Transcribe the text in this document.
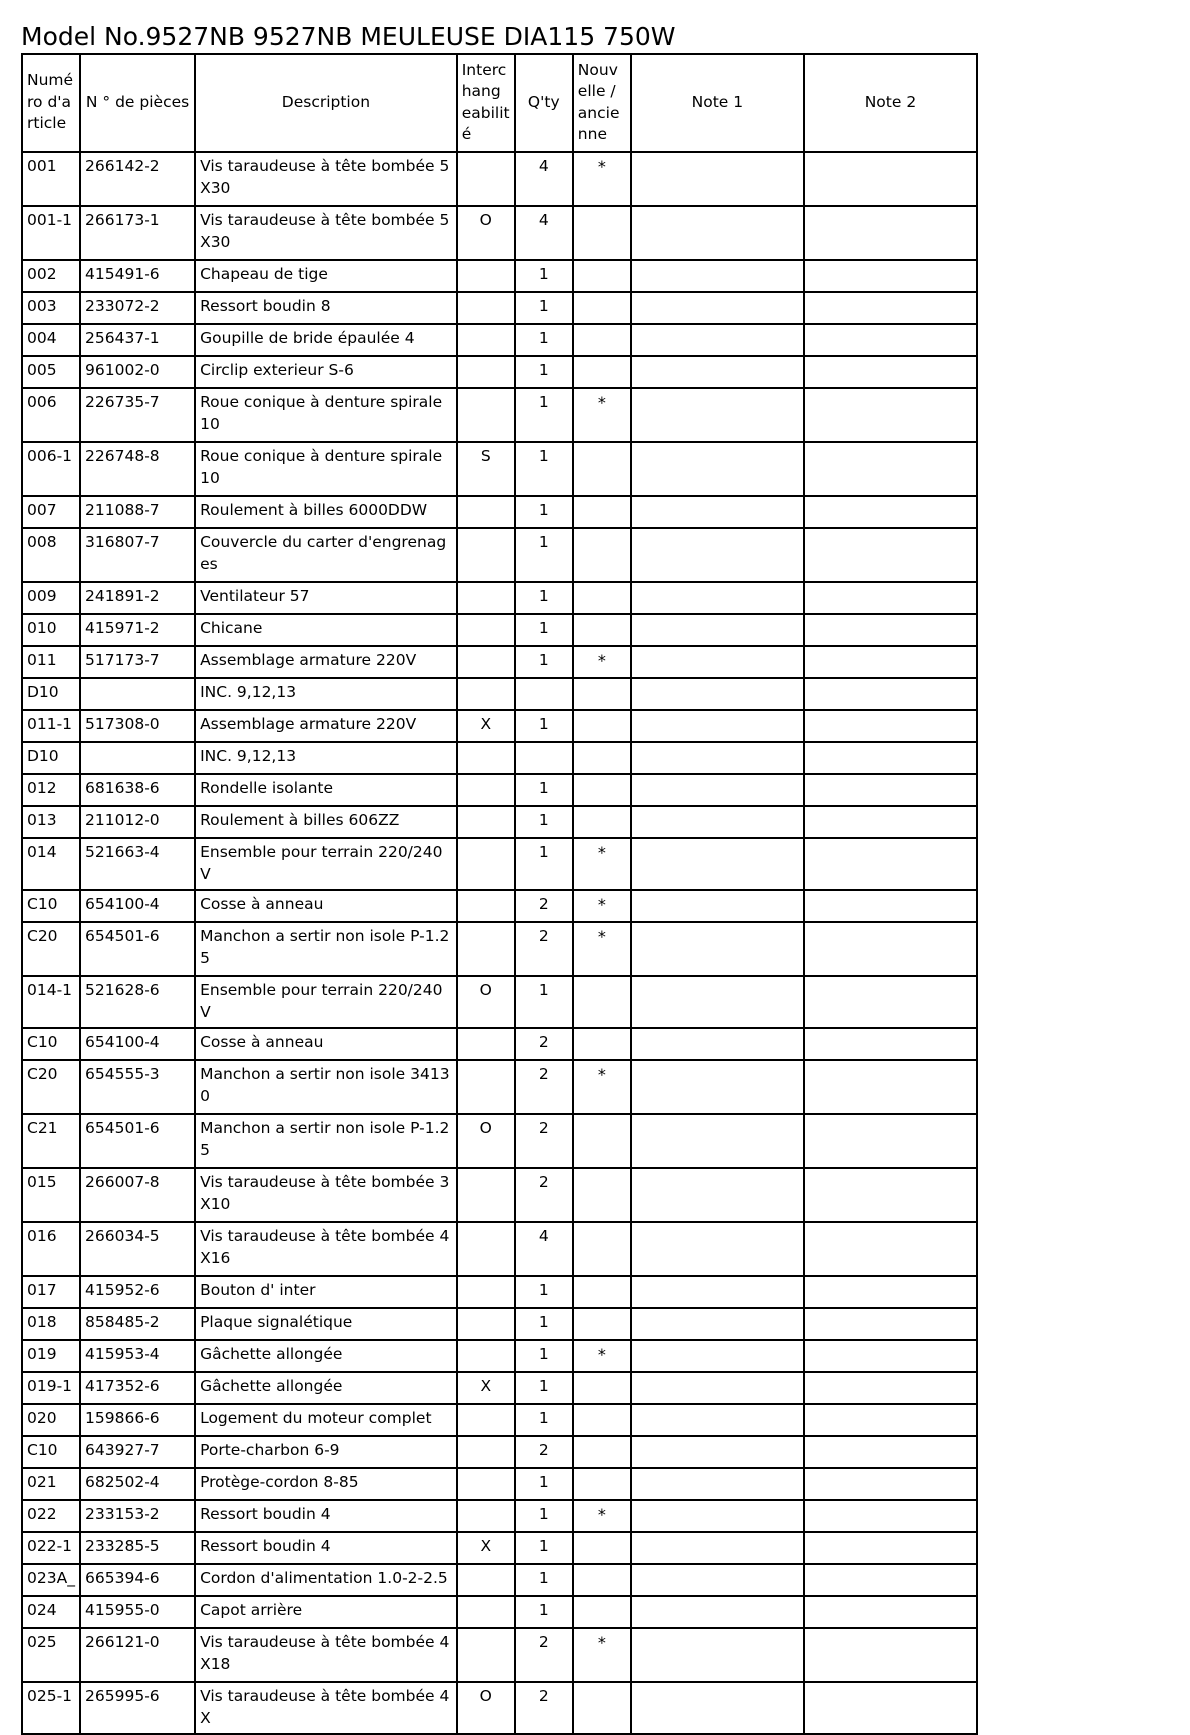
Model No.9527NB 9527NB MEULEUSE DIA115 750W
Numéro d'article	N ° de pièces	Description	Interchangeabilité	Q'ty	Nouvelle / ancienne	Note 1	Note 2
001	266142-2	Vis taraudeuse à tête bombée 5X30		4	*		
001-1	266173-1	Vis taraudeuse à tête bombée 5X30	O	4			
002	415491-6	Chapeau de tige		1			
003	233072-2	Ressort boudin 8		1			
004	256437-1	Goupille de bride épaulée 4		1			
005	961002-0	Circlip exterieur S-6		1			
006	226735-7	Roue conique à denture spirale 10		1	*		
006-1	226748-8	Roue conique à denture spirale 10	S	1			
007	211088-7	Roulement à billes 6000DDW		1			
008	316807-7	Couvercle du carter d'engrenages		1			
009	241891-2	Ventilateur 57		1			
010	415971-2	Chicane		1			
011	517173-7	Assemblage armature 220V		1	*		
D10		INC. 9,12,13					
011-1	517308-0	Assemblage armature 220V	X	1			
D10		INC. 9,12,13					
012	681638-6	Rondelle isolante		1			
013	211012-0	Roulement à billes 606ZZ		1			
014	521663-4	Ensemble pour terrain 220/240V		1	*		
C10	654100-4	Cosse à anneau		2	*		
C20	654501-6	Manchon a sertir non isole P-1.25		2	*		
014-1	521628-6	Ensemble pour terrain 220/240V	O	1			
C10	654100-4	Cosse à anneau		2			
C20	654555-3	Manchon a sertir non isole 34130		2	*		
C21	654501-6	Manchon a sertir non isole P-1.25	O	2			
015	266007-8	Vis taraudeuse à tête bombée 3X10		2			
016	266034-5	Vis taraudeuse à tête bombée 4X16		4			
017	415952-6	Bouton d' inter		1			
018	858485-2	Plaque signalétique		1			
019	415953-4	Gâchette allongée		1	*		
019-1	417352-6	Gâchette allongée	X	1			
020	159866-6	Logement du moteur complet		1			
C10	643927-7	Porte-charbon 6-9		2			
021	682502-4	Protège-cordon 8-85		1			
022	233153-2	Ressort boudin 4		1	*		
022-1	233285-5	Ressort boudin 4	X	1			
023A_	665394-6	Cordon d'alimentation 1.0-2-2.5		1			
024	415955-0	Capot arrière		1			
025	266121-0	Vis taraudeuse à tête bombée 4X18		2	*		
025-1	265995-6	Vis taraudeuse à tête bombée 4X	O	2			
